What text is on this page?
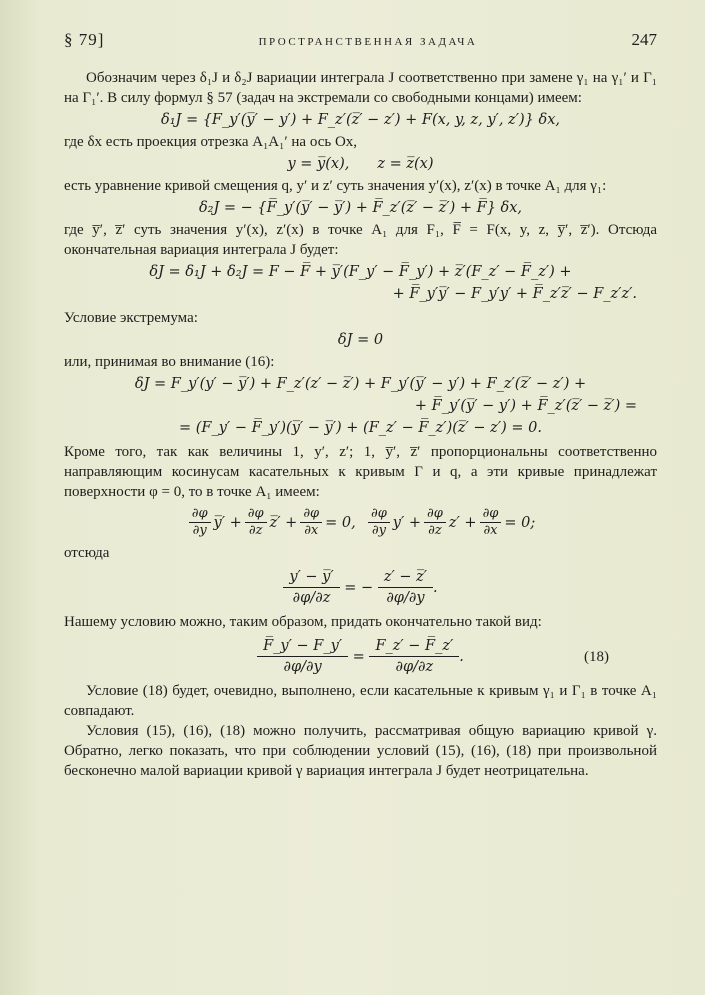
§ 79]	ПРОСТРАНСТВЕННАЯ ЗАДАЧА	247

Обозначим через δ₁J и δ₂J вариации интеграла J соответственно при замене γ₁ на γ₁′ и Γ₁ на Γ₁′. В силу формул § 57 (задач на экстремали со свободными концами) имеем:

δ₁J = {F_y′(y̅′ − y′) + F_z′(z̅′ − z′) + F(x, y, z, y′, z′)} δx,

где δx есть проекция отрезка A₁A₁′ на ось Ox,

y = y̅(x), z = z̅(x)

есть уравнение кривой смещения q, y′ и z′ суть значения y′(x), z′(x) в точке A₁ для γ₁:

δ₂J = − {F̅_y′(y̅′ − y̅′) + F̅_z′(z̅′ − z̅′) + F̅} δx,

где y̅′, z̅′ суть значения y′(x), z′(x) в точке A₁ для F₁, F̅ = F(x, y, z, y̅′, z̅′). Отсюда окончательная вариация интеграла J будет:

δJ = δ₁J + δ₂J = F − F̅ + y̅′(F_y′ − F̅_y′) + z̅′(F_z′ − F̅_z′) +
+ F̅_y′y̅′ − F_y′y′ + F̅_z′z̅′ − F_z′z′.

Условие экстремума:

δJ = 0

или, принимая во внимание (16):

δJ = F_y′(y′ − y̅′) + F_z′(z′ − z̅′) + F_y′(y̅′ − y′) + F_z′(z̅′ − z′) +
+ F̅_y′(y̅′ − y′) + F̅_z′(z̅′ − z̅′) =
= (F_y′ − F̅_y′)(y̅′ − y̅′) + (F_z′ − F̅_z′)(z̅′ − z′) = 0.

Кроме того, так как величины 1, y′, z′; 1, y̅′, z̅′ пропорциональны соответственно направляющим косинусам касательных к кривым Γ и q, а эти кривые принадлежат поверхности φ = 0, то в точке A₁ имеем:

$\frac{\partial\varphi}{\partial y}$ y̅′ + $\frac{\partial\varphi}{\partial z}$ z̅′ + $\frac{\partial\varphi}{\partial x} = 0$,
$\frac{\partial\varphi}{\partial y} y' + \frac{\partial\varphi}{\partial z} z' + \frac{\partial\varphi}{\partial x} = 0$;

отсюда

y′ − y̅′
∂φ/∂z

= −

z′ − z̅′
∂φ/∂y
.

Нашему условию можно, таким образом, придать окончательно такой вид:

F̅_y′ − F_y′
∂φ/∂y

=

F_z′ − F̅_z′
∂φ/∂z
.	(18)

Условие (18) будет, очевидно, выполнено, если касательные к кривым γ₁ и Γ₁ в точке A₁ совпадают.

Условия (15), (16), (18) можно получить, рассматривая общую вариацию кривой γ. Обратно, легко показать, что при соблюдении условий (15), (16), (18) при произвольной бесконечно малой вариации кривой γ вариация интеграла J будет неотрицательна.
